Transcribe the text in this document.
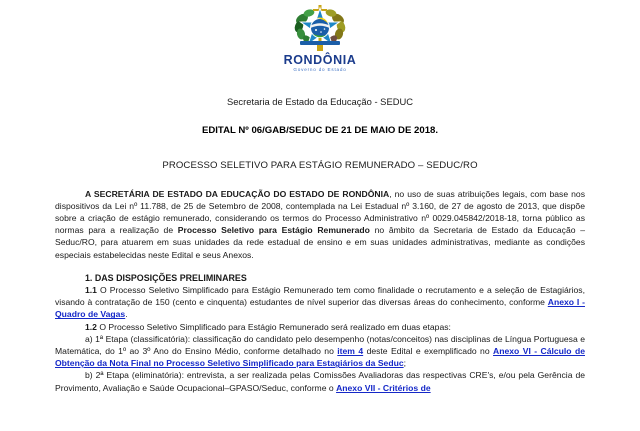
RONDÔNIA
Governo do Estado
Secretaria de Estado da Educação - SEDUC
EDITAL Nº 06/GAB/SEDUC DE 21 DE MAIO DE 2018.
PROCESSO SELETIVO PARA ESTÁGIO REMUNERADO – SEDUC/RO

A SECRETÁRIA DE ESTADO DA EDUCAÇÃO DO ESTADO DE RONDÔNIA, no uso de suas atribuições legais, com base nos dispositivos da Lei nº 11.788, de 25 de Setembro de 2008, contemplada na Lei Estadual nº 3.160, de 27 de agosto de 2013, que dispõe sobre a criação de estágio remunerado, considerando os termos do Processo Administrativo nº 0029.045842/2018-18, torna público as normas para a realização de Processo Seletivo para Estágio Remunerado no âmbito da Secretaria de Estado da Educação – Seduc/RO, para atuarem em suas unidades da rede estadual de ensino e em suas unidades administrativas, mediante as condições especiais estabelecidas neste Edital e seus Anexos.

1. DAS DISPOSIÇÕES PRELIMINARES

1.1 O Processo Seletivo Simplificado para Estágio Remunerado tem como finalidade o recrutamento e a seleção de Estagiários, visando à contratação de 150 (cento e cinquenta) estudantes de nível superior das diversas áreas do conhecimento, conforme Anexo I - Quadro de Vagas.

1.2 O Processo Seletivo Simplificado para Estágio Remunerado será realizado em duas etapas:

a) 1ª Etapa (classificatória): classificação do candidato pelo desempenho (notas/conceitos) nas disciplinas de Língua Portuguesa e Matemática, do 1º ao 3º Ano do Ensino Médio, conforme detalhado no item 4 deste Edital e exemplificado no Anexo VI - Cálculo de Obtenção da Nota Final no Processo Seletivo Simplificado para Estagiários da Seduc;

b) 2ª Etapa (eliminatória): entrevista, a ser realizada pelas Comissões Avaliadoras das respectivas CRE's, e/ou pela Gerência de Provimento, Avaliação e Saúde Ocupacional–GPASO/Seduc, conforme o Anexo VII - Critérios de
